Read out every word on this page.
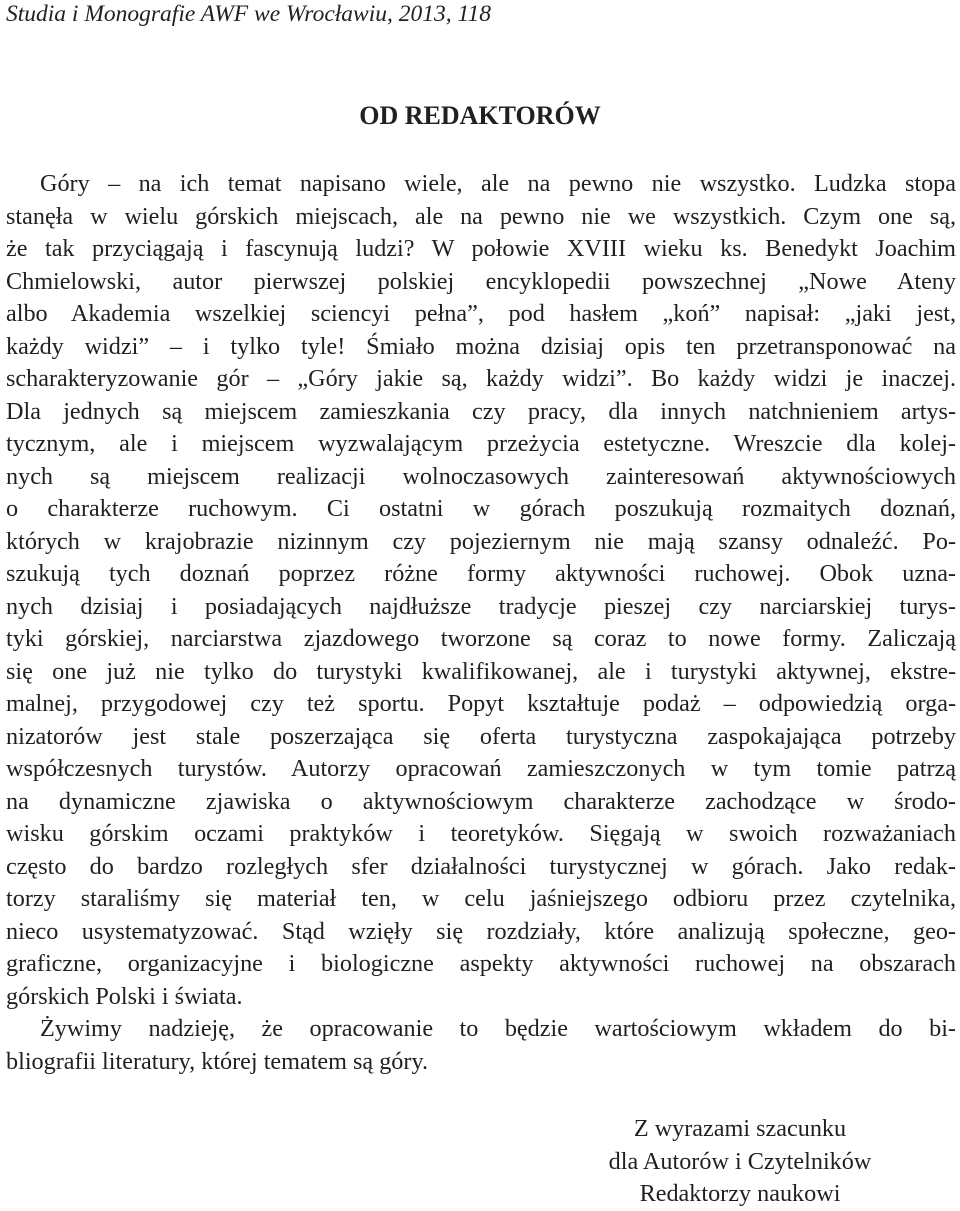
Studia i Monografie AWF we Wrocławiu, 2013, 118
OD REDAKTORÓW
Góry – na ich temat napisano wiele, ale na pewno nie wszystko. Ludzka stopa
stanęła w wielu górskich miejscach, ale na pewno nie we wszystkich. Czym one są,
że tak przyciągają i fascynują ludzi? W połowie XVIII wieku ks. Benedykt Joachim
Chmielowski, autor pierwszej polskiej encyklopedii powszechnej „Nowe Ateny
albo Akademia wszelkiej sciencyi pełna”, pod hasłem „koń” napisał: „jaki jest,
każdy widzi” – i tylko tyle! Śmiało można dzisiaj opis ten przetransponować na
scharakteryzowanie gór – „Góry jakie są, każdy widzi”. Bo każdy widzi je inaczej.
Dla jednych są miejscem zamieszkania czy pracy, dla innych natchnieniem artys-
tycznym, ale i miejscem wyzwalającym przeżycia estetyczne. Wreszcie dla kolej-
nych są miejscem realizacji wolnoczasowych zainteresowań aktywnościowych
o charakterze ruchowym. Ci ostatni w górach poszukują rozmaitych doznań,
których w krajobrazie nizinnym czy pojeziernym nie mają szansy odnaleźć. Po-
szukują tych doznań poprzez różne formy aktywności ruchowej. Obok uzna-
nych dzisiaj i posiadających najdłuższe tradycje pieszej czy narciarskiej turys-
tyki górskiej, narciarstwa zjazdowego tworzone są coraz to nowe formy. Zaliczają
się one już nie tylko do turystyki kwalifikowanej, ale i turystyki aktywnej, ekstre-
malnej, przygodowej czy też sportu. Popyt kształtuje podaż – odpowiedzią orga-
nizatorów jest stale poszerzająca się oferta turystyczna zaspokajająca potrzeby
współczesnych turystów. Autorzy opracowań zamieszczonych w tym tomie patrzą
na dynamiczne zjawiska o aktywnościowym charakterze zachodzące w środo-
wisku górskim oczami praktyków i teoretyków. Sięgają w swoich rozważaniach
często do bardzo rozległych sfer działalności turystycznej w górach. Jako redak-
torzy staraliśmy się materiał ten, w celu jaśniejszego odbioru przez czytelnika,
nieco usystematyzować. Stąd wzięły się rozdziały, które analizują społeczne, geo-
graficzne, organizacyjne i biologiczne aspekty aktywności ruchowej na obszarach
górskich Polski i świata.
Żywimy nadzieję, że opracowanie to będzie wartościowym wkładem do bi-
bliografii literatury, której tematem są góry.
Z wyrazami szacunku
dla Autorów i Czytelników
Redaktorzy naukowi
